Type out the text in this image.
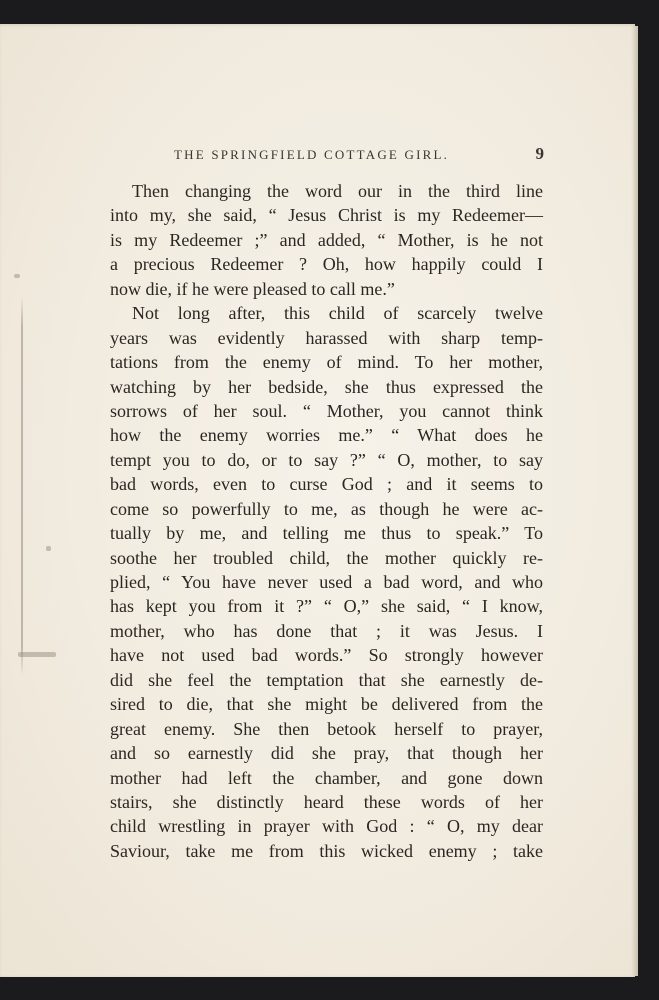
THE SPRINGFIELD COTTAGE GIRL.	9
Then changing the word our in the third line
into my, she said, “ Jesus Christ is my Redeemer—
is my Redeemer ;” and added, “ Mother, is he not
a precious Redeemer ? Oh, how happily could I
now die, if he were pleased to call me.”
Not long after, this child of scarcely twelve
years was evidently harassed with sharp temp-
tations from the enemy of mind. To her mother,
watching by her bedside, she thus expressed the
sorrows of her soul. “ Mother, you cannot think
how the enemy worries me.” “ What does he
tempt you to do, or to say ?” “ O, mother, to say
bad words, even to curse God ; and it seems to
come so powerfully to me, as though he were ac-
tually by me, and telling me thus to speak.” To
soothe her troubled child, the mother quickly re-
plied, “ You have never used a bad word, and who
has kept you from it ?” “ O,” she said, “ I know,
mother, who has done that ; it was Jesus. I
have not used bad words.” So strongly however
did she feel the temptation that she earnestly de-
sired to die, that she might be delivered from the
great enemy. She then betook herself to prayer,
and so earnestly did she pray, that though her
mother had left the chamber, and gone down
stairs, she distinctly heard these words of her
child wrestling in prayer with God : “ O, my dear
Saviour, take me from this wicked enemy ; take
